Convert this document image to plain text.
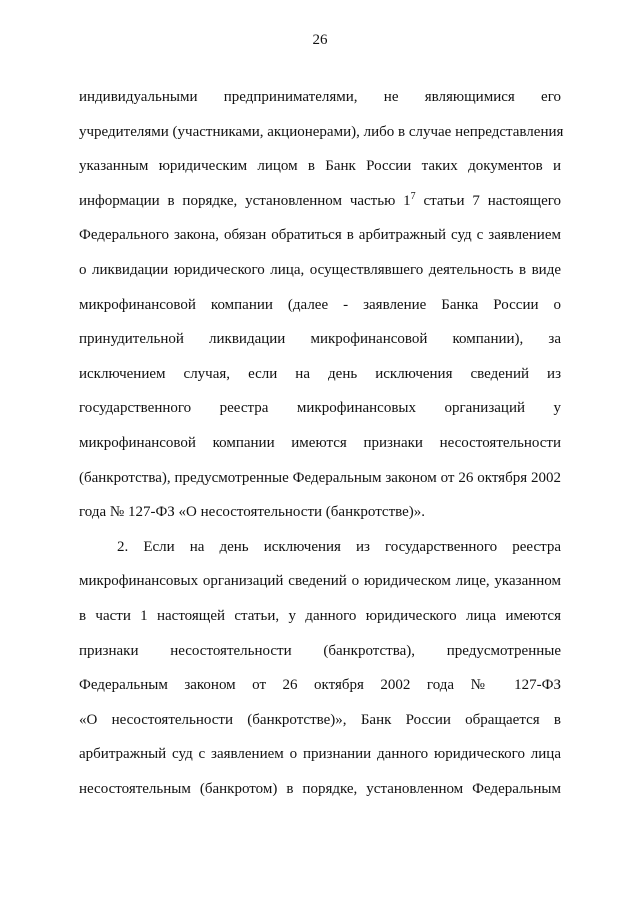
26
индивидуальными предпринимателями, не являющимися его
учредителями (участниками, акционерами), либо в случае непредставления
указанным юридическим лицом в Банк России таких документов и
информации в порядке, установленном частью $1^7$ статьи 7 настоящего
Федерального закона, обязан обратиться в арбитражный суд с заявлением
о ликвидации юридического лица, осуществлявшего деятельность в виде
микрофинансовой компании (далее - заявление Банка России о
принудительной ликвидации микрофинансовой компании), за
исключением случая, если на день исключения сведений из
государственного реестра микрофинансовых организаций у
микрофинансовой компании имеются признаки несостоятельности
(банкротства), предусмотренные Федеральным законом от 26 октября 2002
года № 127-ФЗ «О несостоятельности (банкротстве)».
2. Если на день исключения из государственного реестра
микрофинансовых организаций сведений о юридическом лице, указанном
в части 1 настоящей статьи, у данного юридического лица имеются
признаки несостоятельности (банкротства), предусмотренные
Федеральным законом от 26 октября 2002 года № 127-ФЗ
«О несостоятельности (банкротстве)», Банк России обращается в
арбитражный суд с заявлением о признании данного юридического лица
несостоятельным (банкротом) в порядке, установленном Федеральным
